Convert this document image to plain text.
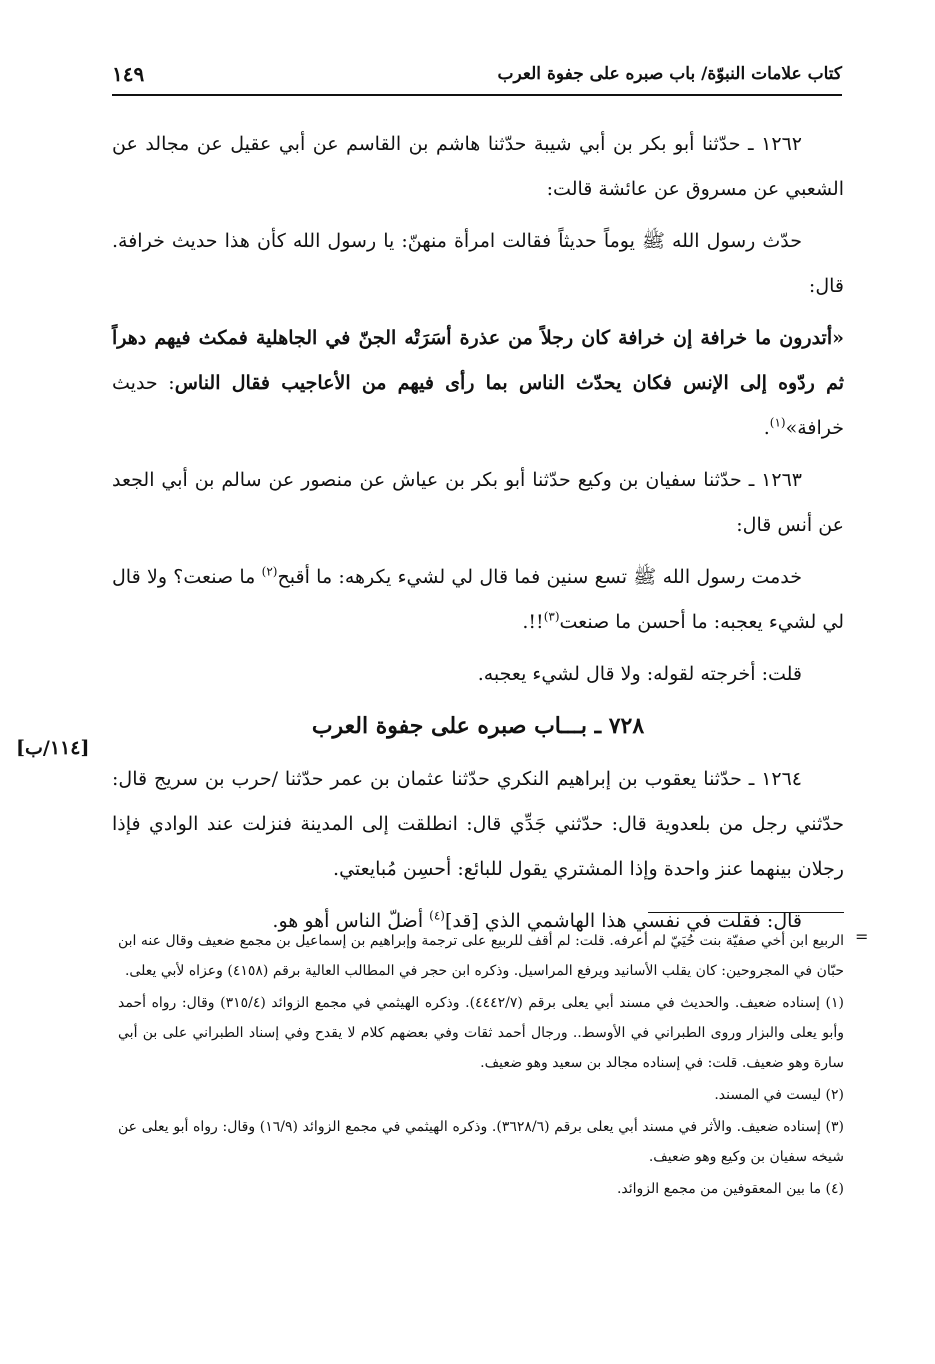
كتاب علامات النبوّة/ باب صبره على جفوة العرب
١٤٩

١٢٦٢ ـ حدّثنا أبو بكر بن أبي شيبة حدّثنا هاشم بن القاسم عن أبي عقيل عن مجالد عن الشعبي عن مسروق عن عائشة قالت:

حدّث رسول الله ﷺ يوماً حديثاً فقالت امرأة منهنّ: يا رسول الله كأن هذا حديث خرافة. قال:

«أتدرون ما خرافة إن خرافة كان رجلاً من عذرة أسَرَتْه الجنّ في الجاهلية فمكث فيهم دهراً ثم ردّوه إلى الإنس فكان يحدّث الناس بما رأى فيهم من الأعاجيب فقال الناس: حديث خرافة»$^{(١)}$.

١٢٦٣ ـ حدّثنا سفيان بن وكيع حدّثنا أبو بكر بن عياش عن منصور عن سالم بن أبي الجعد عن أنس قال:

خدمت رسول الله ﷺ تسع سنين فما قال لي لشيء يكرهه: ما أقبح$^{(٢)}$ ما صنعت؟ ولا قال لي لشيء يعجبه: ما أحسن ما صنعت$^{(٣)}$!!.

قلت: أخرجته لقوله: ولا قال لشيء يعجبه.

٧٢٨ ـ بـــاب صبره على جفوة العرب

١٢٦٤ ـ حدّثنا يعقوب بن إبراهيم النكري حدّثنا عثمان بن عمر حدّثنا /حرب بن سريج قال: حدّثني رجل من بلعدوية قال: حدّثني جَدِّي قال: انطلقت إلى المدينة فنزلت عند الوادي فإذا رجلان بينهما عنز واحدة وإذا المشتري يقول للبائع: أحسِن مُبايعتي.

قال: فقلت في نفسي هذا الهاشمي الذي [قد]$^{(٤)}$ أضلّ الناس أهو هو.

[١١٤/ب]
=

الربيع ابن أخي صفيّة بنت حُيَيّ لم أعرفه. قلت: لم أقف للربيع على ترجمة وإبراهيم بن إسماعيل بن مجمع ضعيف وقال عنه ابن حبّان في المجروحين: كان يقلب الأسانيد ويرفع المراسيل. وذكره ابن حجر في المطالب العالية برقم (٤١٥٨) وعزاه لأبي يعلى.

(١) إسناده ضعيف. والحديث في مسند أبي يعلى برقم (٤٤٤٢/٧). وذكره الهيثمي في مجمع الزوائد (٣١٥/٤) وقال: رواه أحمد وأبو يعلى والبزار وروى الطبراني في الأوسط.. ورجال أحمد ثقات وفي بعضهم كلام لا يقدح وفي إسناد الطبراني على بن أبي سارة وهو ضعيف. قلت: في إسناده مجالد بن سعيد وهو ضعيف.

(٢) ليست في المسند.

(٣) إسناده ضعيف. والأثر في مسند أبي يعلى برقم (٣٦٢٨/٦). وذكره الهيثمي في مجمع الزوائد (١٦/٩) وقال: رواه أبو يعلى عن شيخه سفيان بن وكيع وهو ضعيف.

(٤) ما بين المعقوفين من مجمع الزوائد.
